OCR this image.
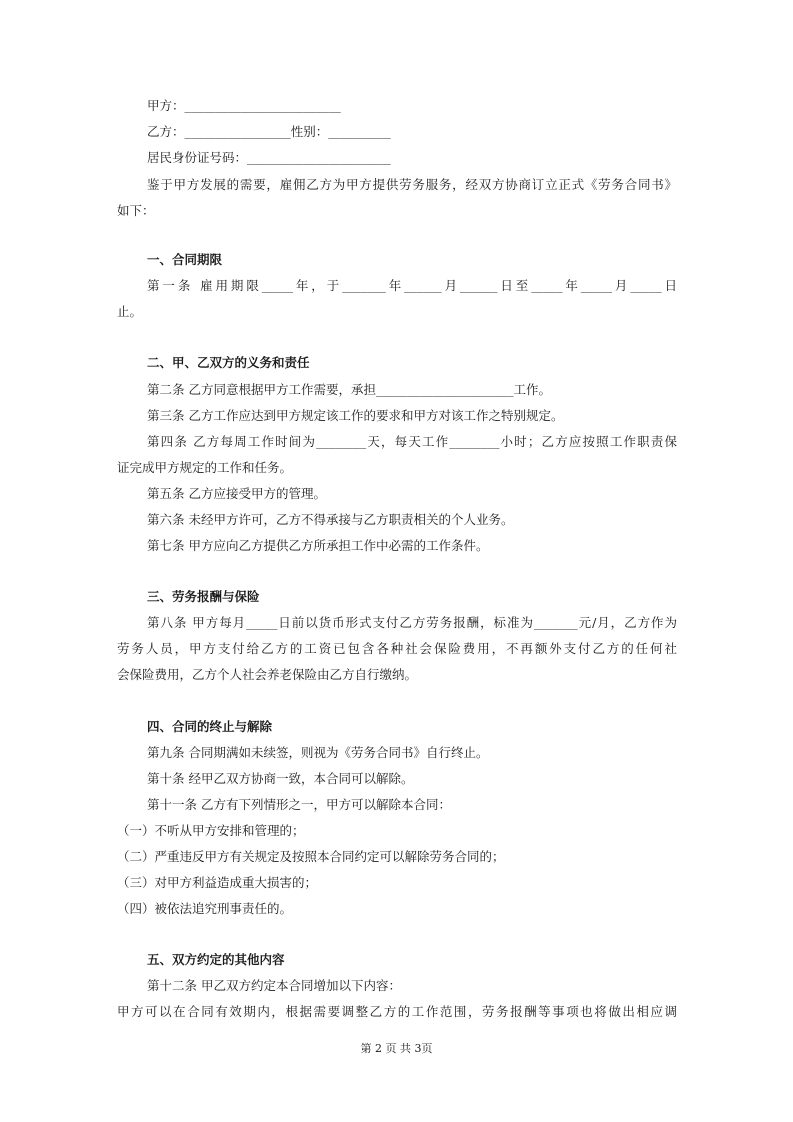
甲方：_________________________
乙方：_________________性别：__________
居民身份证号码：_______________________
鉴于甲方发展的需要，雇佣乙方为甲方提供劳务服务，经双方协商订立正式《劳务合同书》
如下：
一、合同期限
第一条 雇用期限_____年，于_______年______月______日至_____年_____月_____日
止。
二、甲、乙双方的义务和责任
第二条 乙方同意根据甲方工作需要，承担______________________工作。
第三条 乙方工作应达到甲方规定该工作的要求和甲方对该工作之特别规定。
第四条 乙方每周工作时间为________天，每天工作________小时；乙方应按照工作职责保
证完成甲方规定的工作和任务。
第五条 乙方应接受甲方的管理。
第六条 未经甲方许可，乙方不得承接与乙方职责相关的个人业务。
第七条 甲方应向乙方提供乙方所承担工作中必需的工作条件。
三、劳务报酬与保险
第八条 甲方每月_____日前以货币形式支付乙方劳务报酬，标准为_______元/月，乙方作为
劳务人员，甲方支付给乙方的工资已包含各种社会保险费用，不再额外支付乙方的任何社
会保险费用，乙方个人社会养老保险由乙方自行缴纳。
四、合同的终止与解除
第九条 合同期满如未续签，则视为《劳务合同书》自行终止。
第十条 经甲乙双方协商一致，本合同可以解除。
第十一条 乙方有下列情形之一，甲方可以解除本合同：
（一）不听从甲方安排和管理的；
（二）严重违反甲方有关规定及按照本合同约定可以解除劳务合同的；
（三）对甲方利益造成重大损害的；
（四）被依法追究刑事责任的。
五、双方约定的其他内容
第十二条 甲乙双方约定本合同增加以下内容：
甲方可以在合同有效期内，根据需要调整乙方的工作范围，劳务报酬等事项也将做出相应调
第 2 页 共 3页
